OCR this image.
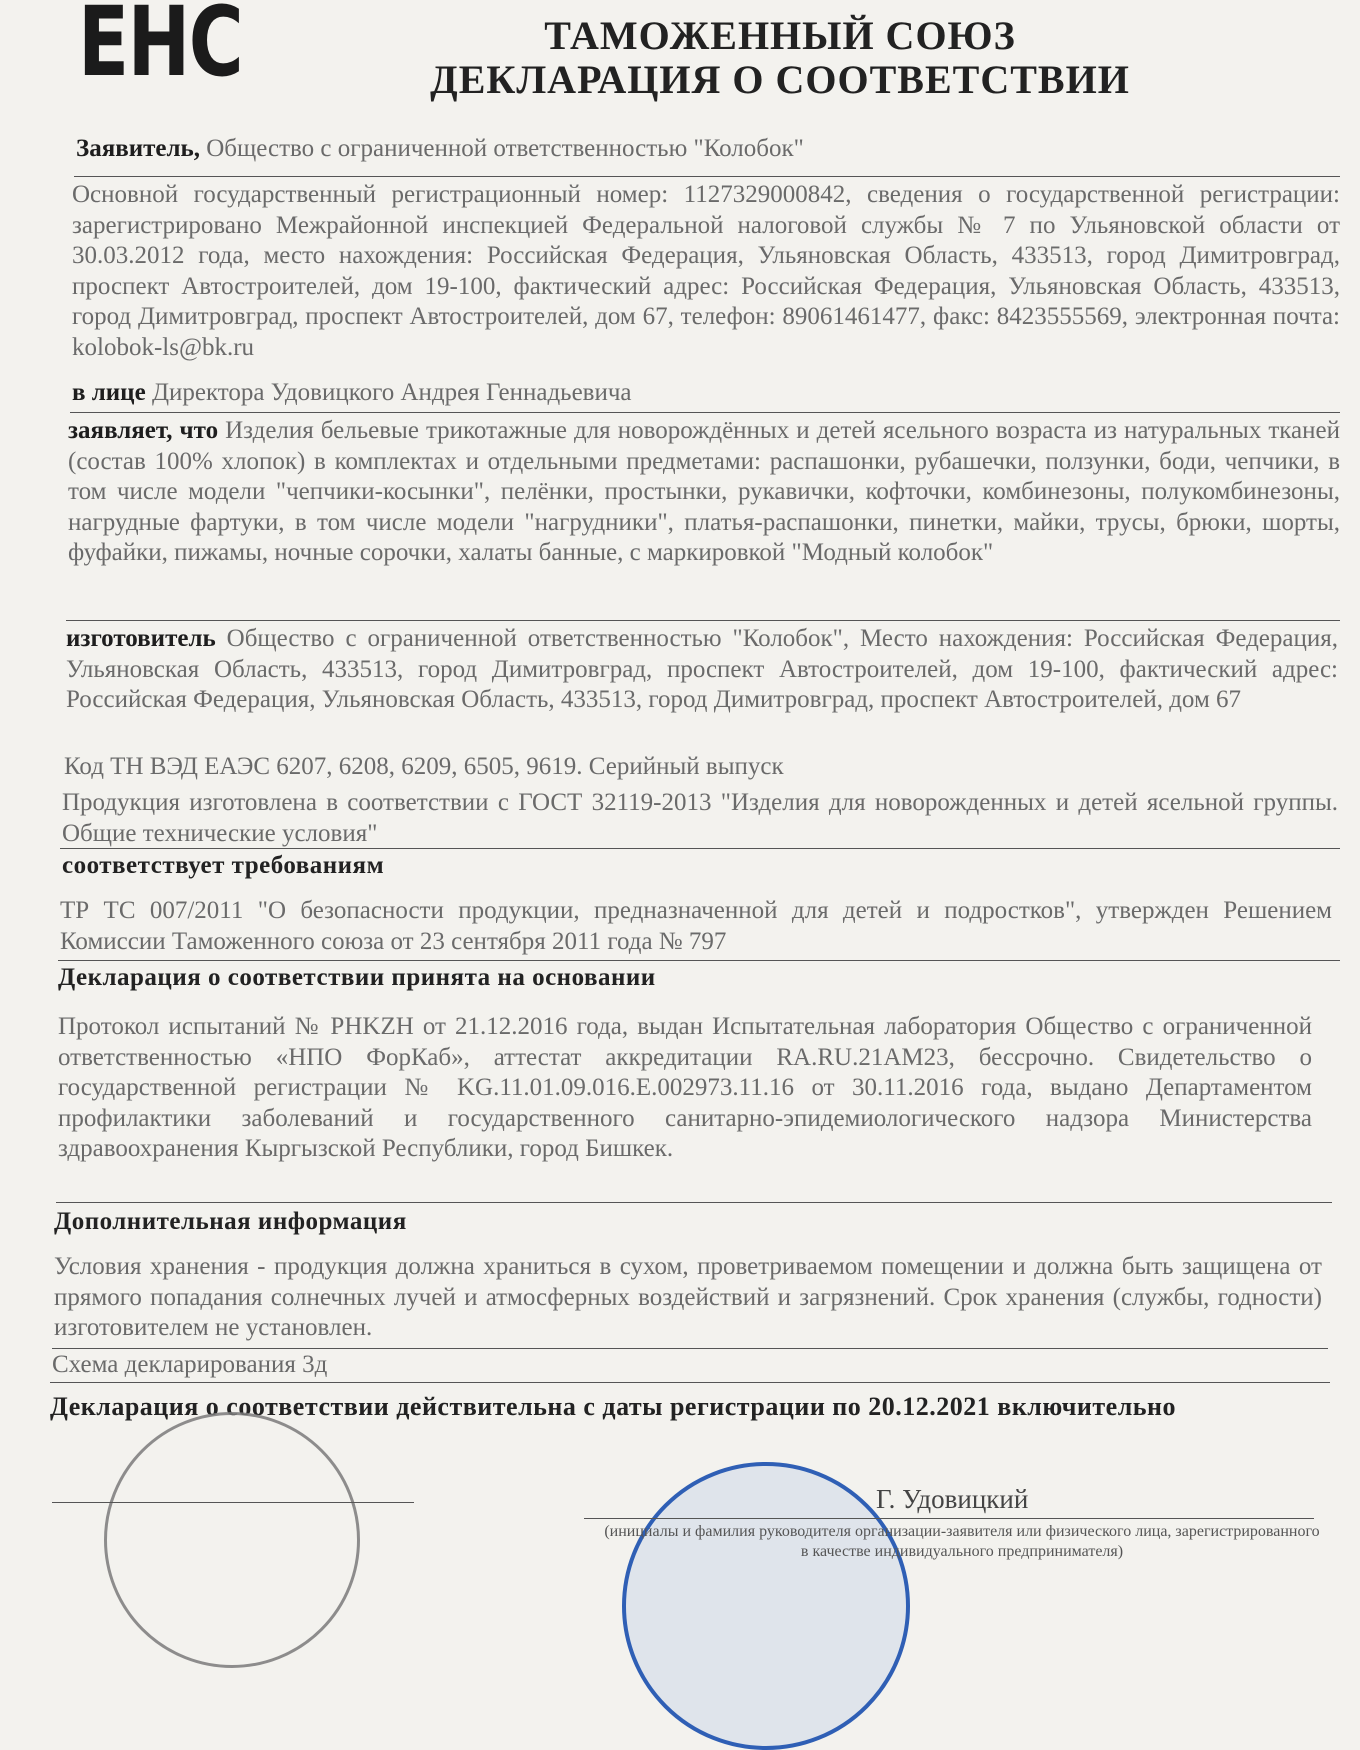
ЕНС	ТАМОЖЕННЫЙ СОЮЗ
ДЕКЛАРАЦИЯ О СООТВЕТСТВИИ
Заявитель, Общество с ограниченной ответственностью "Колобок"
Основной государственный регистрационный номер: 1127329000842, сведения о государственной регистрации: зарегистрировано Межрайонной инспекцией Федеральной налоговой службы № 7 по Ульяновской области от 30.03.2012 года, место нахождения: Российская Федерация, Ульяновская Область, 433513, город Димитровград, проспект Автостроителей, дом 19-100, фактический адрес: Российская Федерация, Ульяновская Область, 433513, город Димитровград, проспект Автостроителей, дом 67, телефон: 89061461477, факс: 8423555569, электронная почта: kolobok-ls@bk.ru
в лице Директора Удовицкого Андрея Геннадьевича
заявляет, что Изделия бельевые трикотажные для новорождённых и детей ясельного возраста из натуральных тканей (состав 100% хлопок) в комплектах и отдельными предметами: распашонки, рубашечки, ползунки, боди, чепчики, в том числе модели "чепчики-косынки", пелёнки, простынки, рукавички, кофточки, комбинезоны, полукомбинезоны, нагрудные фартуки, в том числе модели "нагрудники", платья-распашонки, пинетки, майки, трусы, брюки, шорты, фуфайки, пижамы, ночные сорочки, халаты банные, с маркировкой "Модный колобок"
изготовитель Общество с ограниченной ответственностью "Колобок", Место нахождения: Российская Федерация, Ульяновская Область, 433513, город Димитровград, проспект Автостроителей, дом 19-100, фактический адрес: Российская Федерация, Ульяновская Область, 433513, город Димитровград, проспект Автостроителей, дом 67
Код ТН ВЭД ЕАЭС 6207, 6208, 6209, 6505, 9619. Серийный выпуск
Продукция изготовлена в соответствии с ГОСТ 32119-2013 "Изделия для новорожденных и детей ясельной группы. Общие технические условия"
соответствует требованиям
ТР ТС 007/2011 "О безопасности продукции, предназначенной для детей и подростков", утвержден Решением Комиссии Таможенного союза от 23 сентября 2011 года № 797
Декларация о соответствии принята на основании
Протокол испытаний № PHKZH от 21.12.2016 года, выдан Испытательная лаборатория Общество с ограниченной ответственностью «НПО ФорКаб», аттестат аккредитации RA.RU.21AM23, бессрочно. Свидетельство о государственной регистрации № KG.11.01.09.016.E.002973.11.16 от 30.11.2016 года, выдано Департаментом профилактики заболеваний и государственного санитарно-эпидемиологического надзора Министерства здравоохранения Кыргызской Республики, город Бишкек.
Дополнительная информация
Условия хранения - продукция должна храниться в сухом, проветриваемом помещении и должна быть защищена от прямого попадания солнечных лучей и атмосферных воздействий и загрязнений. Срок хранения (службы, годности) изготовителем не установлен.
Схема декларирования 3д
Декларация о соответствии действительна с даты регистрации по 20.12.2021 включительно
Г. Удовицкий
(инициалы и фамилия руководителя организации-заявителя или физического лица, зарегистрированного в качестве индивидуального предпринимателя)
